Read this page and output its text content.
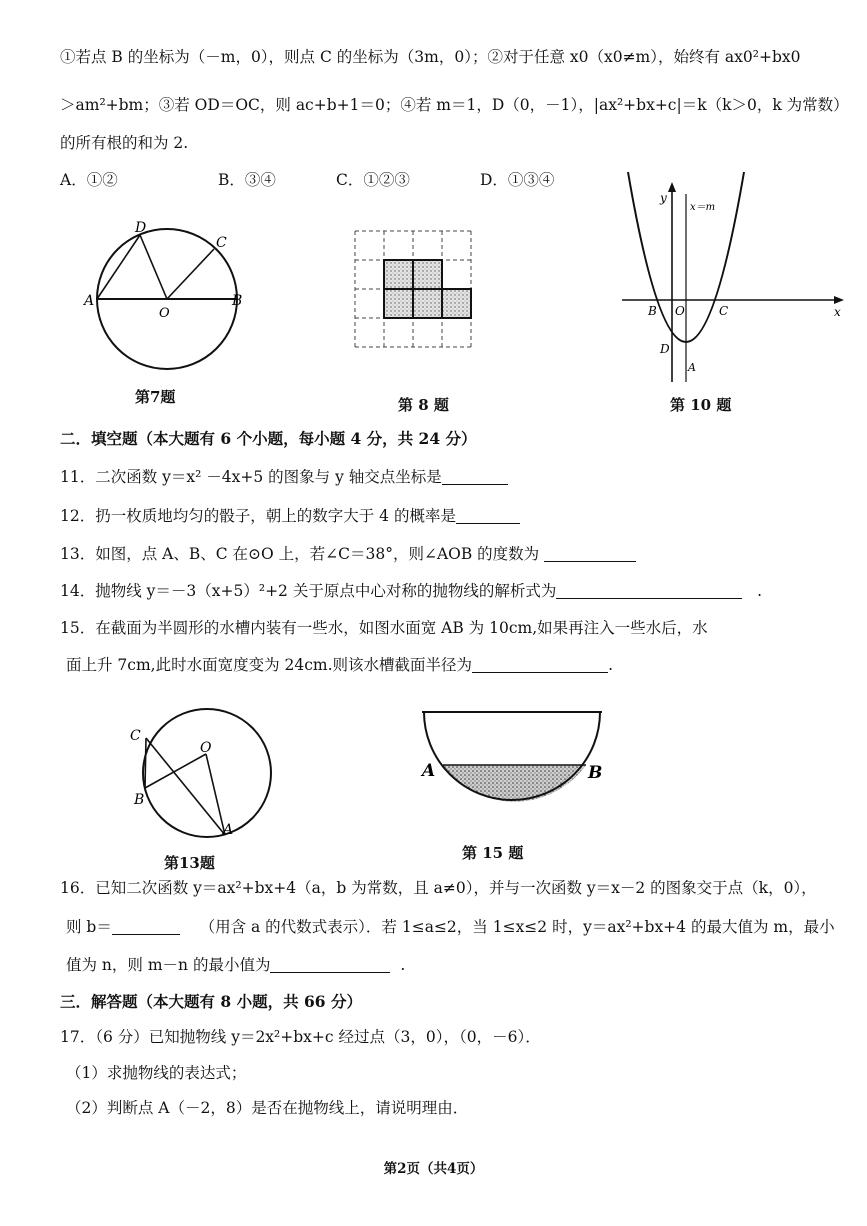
①若点 B 的坐标为（－m，0），则点 C 的坐标为（3m，0）；②对于任意 x0（x0≠m），始终有 ax0²+bx0
＞am²+bm；③若 OD＝OC，则 ac+b+1＝0；④若 m＝1，D（0，－1），|ax²+bx+c|＝k（k＞0，k 为常数）
的所有根的和为 2.
A．①②	B．③④	C．①②③	D．①③④
D
C
A
O
B
第7题	第 8 题
y
x＝m
B O	C	x
D
A
第 10 题
二．填空题（本大题有 6 个小题，每小题 4 分，共 24 分）
11．二次函数 y＝x² －4x+5 的图象与 y 轴交点坐标是
12．扔一枚质地均匀的骰子，朝上的数字大于 4 的概率是
13．如图，点 A、B、C 在⊙O 上，若∠C＝38°，则∠AOB 的度数为
14．抛物线 y＝－3（x+5）²+2 关于原点中心对称的抛物线的解析式为	.
15．在截面为半圆形的水槽内装有一些水，如图水面宽 AB 为 10cm,如果再注入一些水后，水
面上升 7cm,此时水面宽度变为 24cm.则该水槽截面半径为	.
C
O
B
A
第13题
A	B
第 15 题
16．已知二次函数 y＝ax²+bx+4（a，b 为常数，且 a≠0），并与一次函数 y＝x－2 的图象交于点（k，0），
则 b＝	（用含 a 的代数式表示）．若 1≤a≤2，当 1≤x≤2 时，y＝ax²+bx+4 的最大值为 m，最小
值为 n，则 m－n 的最小值为	.
三．解答题（本大题有 8 小题，共 66 分）
17．（6 分）已知抛物线 y＝2x²+bx+c 经过点（3，0），（0，－6）．
（1）求抛物线的表达式；
（2）判断点 A（－2，8）是否在抛物线上，请说明理由．
第2页（共4页）
